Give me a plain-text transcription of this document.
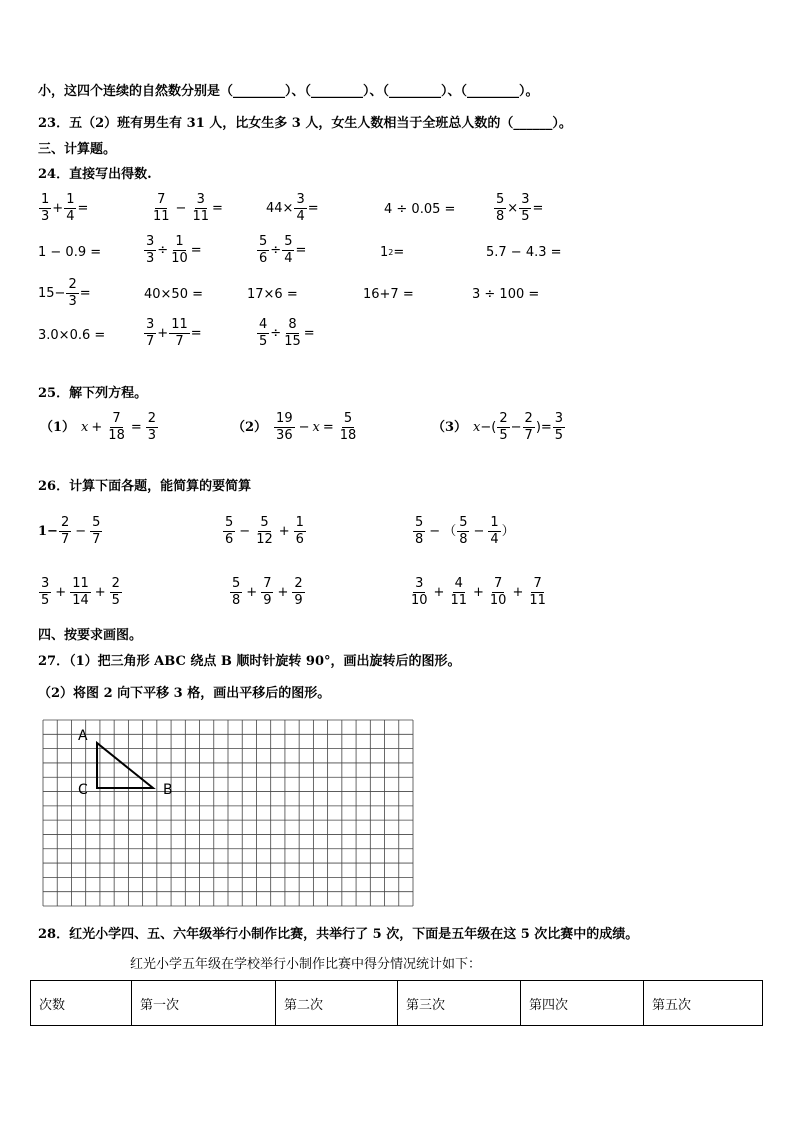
小，这四个连续的自然数分别是（________）、（________）、（________）、（________）。
23．五（2）班有男生有 31 人，比女生多 3 人，女生人数相当于全班总人数的（______）。
三、计算题。
24．直接写出得数.
$\frac{1}{3} + \frac{1}{4}$ =	$\frac{7}{11} - \frac{3}{11}$ =	$44\times \frac{3}{4}$ =	4 ÷ 0.05 =	$\frac{5}{8} \times \frac{3}{5}$ =
1 − 0.9 =	$\frac{3}{3} \div \frac{1}{10}$ =	$\frac{5}{6} \div \frac{5}{4}$ =	1 2 =	5.7 − 4.3 =
$15- \frac{2}{3}$ =	40×50 =	17×6 =	16+7 =	3 ÷ 100 =
3.0×0.6 =	$\frac{3}{7} + \frac{11}{7}$ =	$\frac{4}{5} \div \frac{8}{15}$ =
25．解下列方程。
（1） $x + \frac{7}{18} = \frac{2}{3}$	$(2) \frac{19}{36} - x = \frac{5}{18}$	（3） x −( $\frac{2}{5} - \frac{2}{7}$ )= $\frac{3}{5}$
26．计算下面各题，能简算的要简算
$1- \frac{2}{7} - \frac{5}{7}$	$\frac{5}{6} - \frac{5}{12} + \frac{1}{6}$	$\frac{5}{8}$ − （ $\frac{5}{8} - \frac{1}{4}$ ）
$\frac{3}{5} + \frac{11}{14} + \frac{2}{5}$	$\frac{5}{8} + \frac{7}{9} + \frac{2}{9}$	$\frac{3}{10} + \frac{4}{11} + \frac{7}{10} + \frac{7}{11}$
四、按要求画图。
27．（1）把三角形 ABC 绕点 B 顺时针旋转 90°，画出旋转后的图形。
（2）将图 2 向下平移 3 格，画出平移后的图形。
A
C	B
28．红光小学四、五、六年级举行小制作比赛，共举行了 5 次，下面是五年级在这 5 次比赛中的成绩。
红光小学五年级在学校举行小制作比赛中得分情况统计如下：
次数	第一次	第二次	第三次	第四次	第五次
